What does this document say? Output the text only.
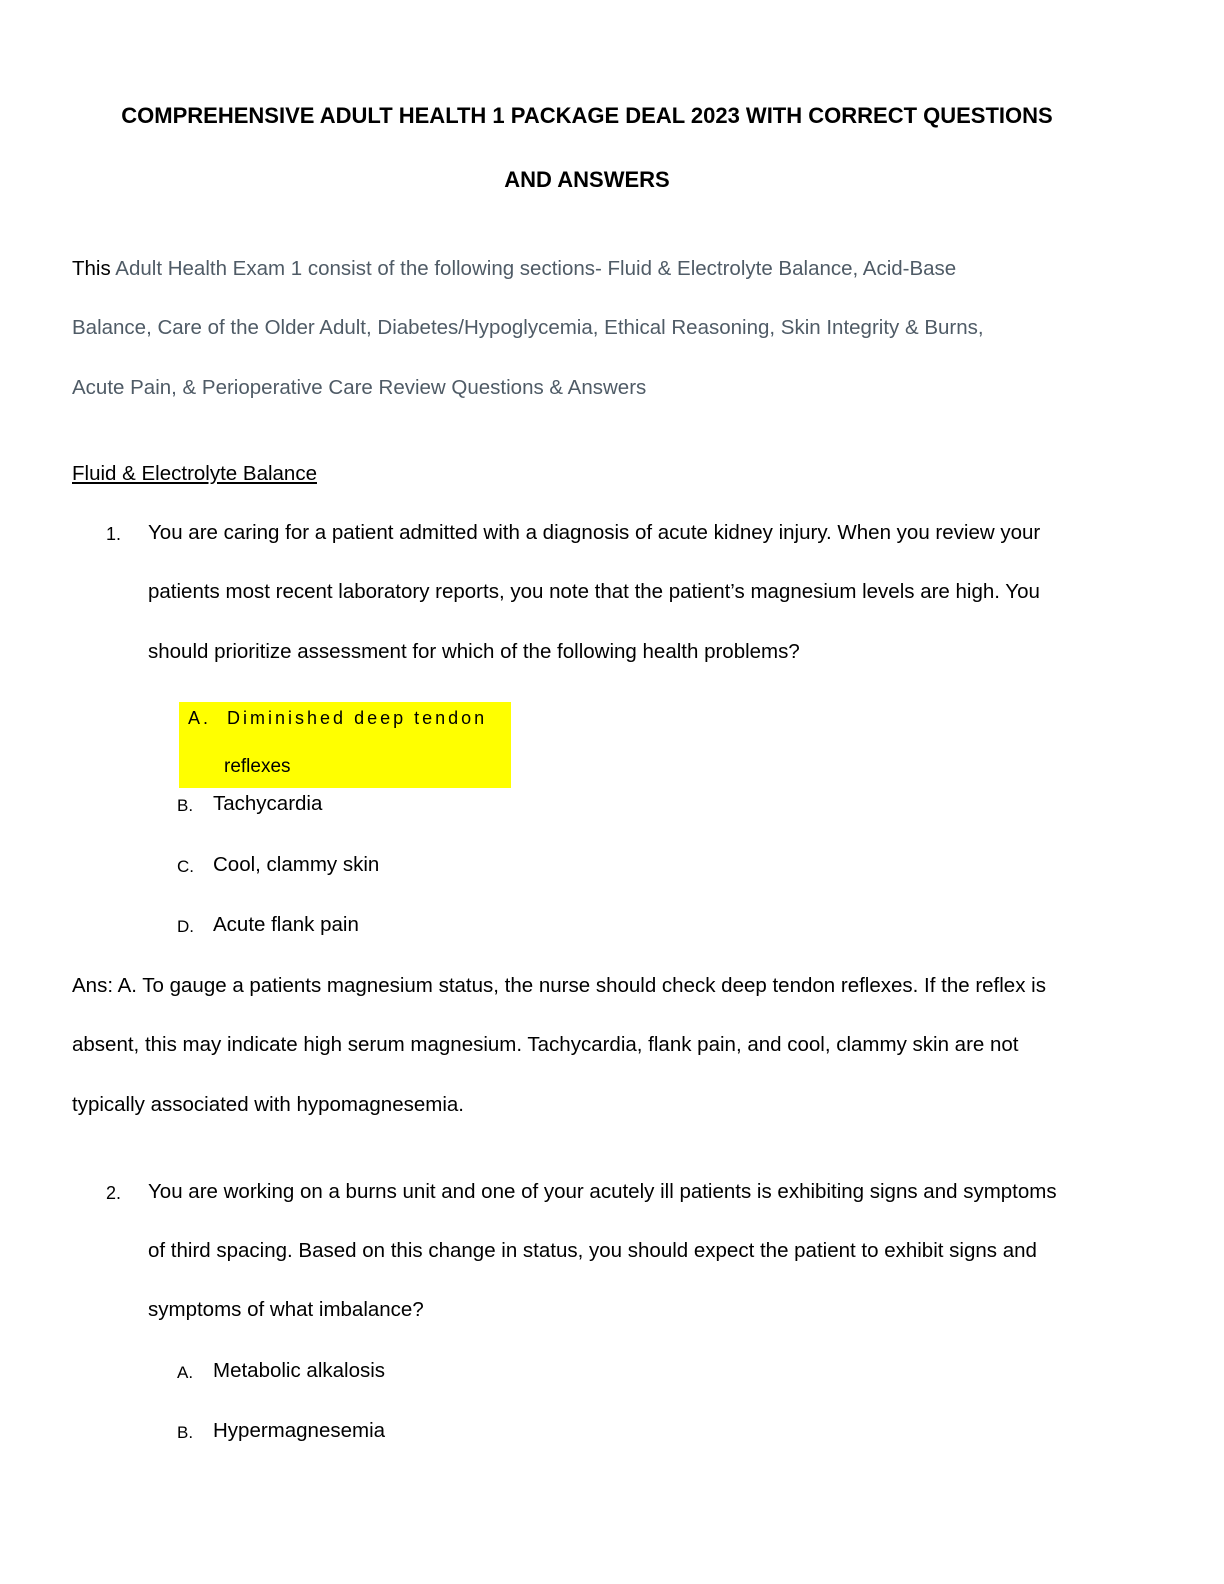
COMPREHENSIVE ADULT HEALTH 1 PACKAGE DEAL 2023 WITH CORRECT QUESTIONS
AND ANSWERS
This Adult Health Exam 1 consist of the following sections- Fluid & Electrolyte Balance, Acid-Base
Balance, Care of the Older Adult, Diabetes/Hypoglycemia, Ethical Reasoning, Skin Integrity & Burns,
Acute Pain, & Perioperative Care Review Questions & Answers
Fluid & Electrolyte Balance
1. You are caring for a patient admitted with a diagnosis of acute kidney injury. When you review your
patients most recent laboratory reports, you note that the patient’s magnesium levels are high. You
should prioritize assessment for which of the following health problems?
A. Diminished deep tendon
reflexes
B. Tachycardia
C. Cool, clammy skin
D. Acute flank pain
Ans: A. To gauge a patients magnesium status, the nurse should check deep tendon reflexes. If the reflex is
absent, this may indicate high serum magnesium. Tachycardia, flank pain, and cool, clammy skin are not
typically associated with hypomagnesemia.
2. You are working on a burns unit and one of your acutely ill patients is exhibiting signs and symptoms
of third spacing. Based on this change in status, you should expect the patient to exhibit signs and
symptoms of what imbalance?
A. Metabolic alkalosis
B. Hypermagnesemia
